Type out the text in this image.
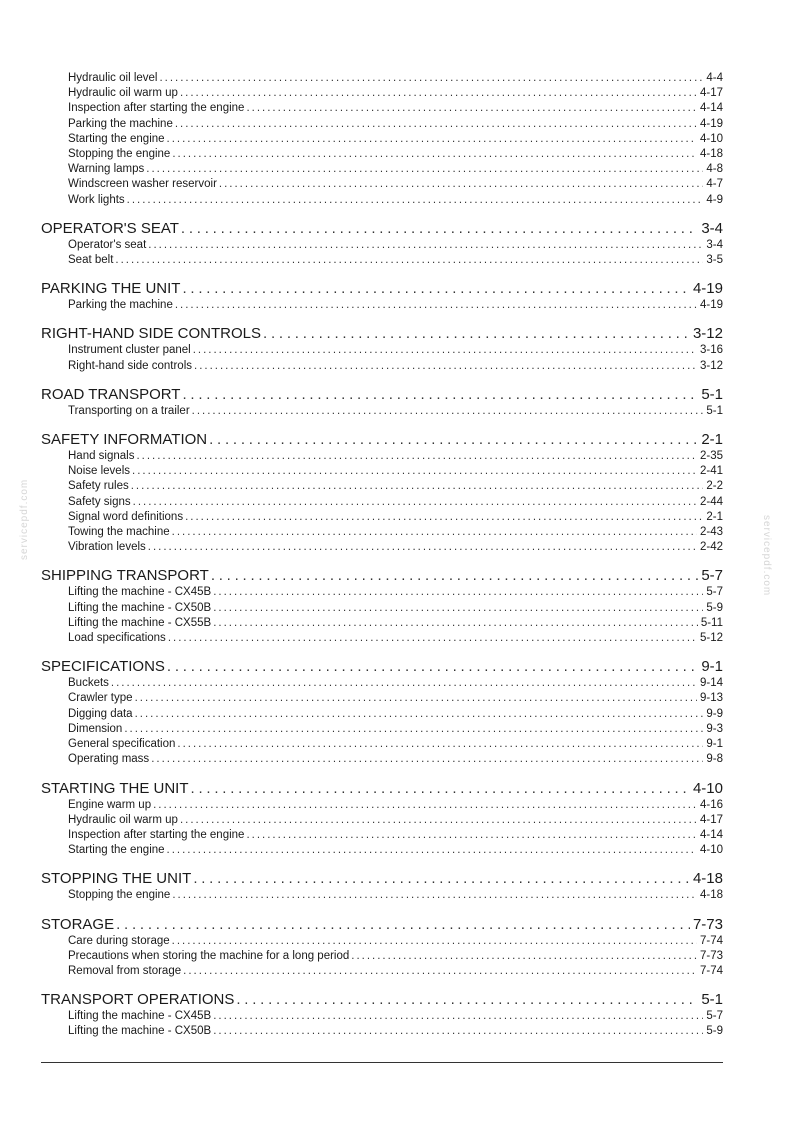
Hydraulic oil level . . .	4-4
Hydraulic oil warm up . . .	4-17
Inspection after starting the engine . . .	4-14
Parking the machine . . .	4-19
Starting the engine . . .	4-10
Stopping the engine . . .	4-18
Warning lamps . . .	4-8
Windscreen washer reservoir . . .	4-7
Work lights . . .	4-9
OPERATOR'S SEAT . . .	3-4
Operator's seat . . .	3-4
Seat belt . . .	3-5
PARKING THE UNIT . . .	4-19
Parking the machine . . .	4-19
RIGHT-HAND SIDE CONTROLS . . .	3-12
Instrument cluster panel . . .	3-16
Right-hand side controls . . .	3-12
ROAD TRANSPORT . . .	5-1
Transporting on a trailer . . .	5-1
SAFETY INFORMATION . . .	2-1
Hand signals . . .	2-35
Noise levels . . .	2-41
Safety rules . . .	2-2
Safety signs . . .	2-44
Signal word definitions . . .	2-1
Towing the machine . . .	2-43
Vibration levels . . .	2-42
SHIPPING TRANSPORT . . .	5-7
Lifting the machine - CX45B . . .	5-7
Lifting the machine - CX50B . . .	5-9
Lifting the machine - CX55B . . .	5-11
Load specifications . . .	5-12
SPECIFICATIONS . . .	9-1
Buckets . . .	9-14
Crawler type . . .	9-13
Digging data . . .	9-9
Dimension . . .	9-3
General specification . . .	9-1
Operating mass . . .	9-8
STARTING THE UNIT . . .	4-10
Engine warm up . . .	4-16
Hydraulic oil warm up . . .	4-17
Inspection after starting the engine . . .	4-14
Starting the engine . . .	4-10
STOPPING THE UNIT . . .	4-18
Stopping the engine . . .	4-18
STORAGE . . .	7-73
Care during storage . . .	7-74
Precautions when storing the machine for a long period . . .	7-73
Removal from storage . . .	7-74
TRANSPORT OPERATIONS . . .	5-1
Lifting the machine - CX45B . . .	5-7
Lifting the machine - CX50B . . .	5-9
servicepdf.com	servicepdf.com
